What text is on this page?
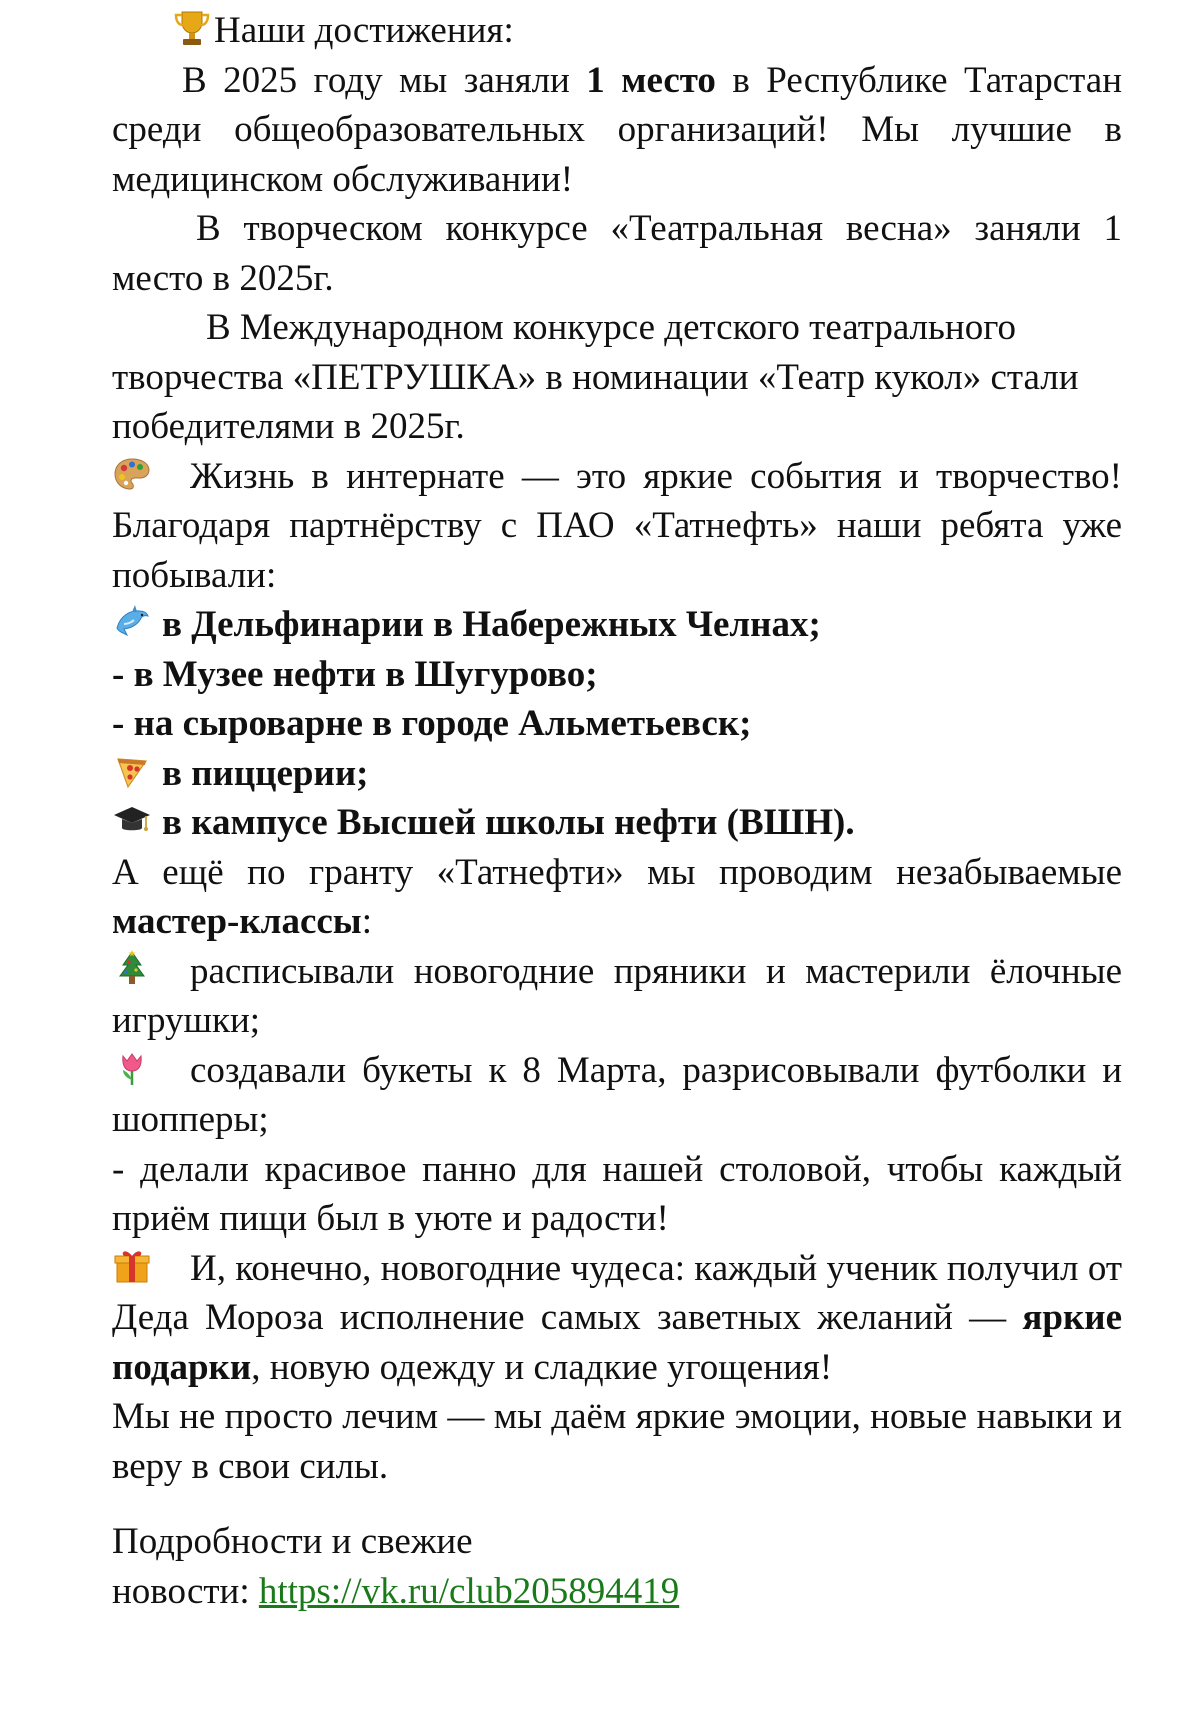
Наши достижения:

В 2025 году мы заняли 1 место в Республике Татарстан среди общеобразовательных организаций! Мы лучшие в медицинском обслуживании!

В творческом конкурсе «Театральная весна» заняли 1 место в 2025г.

В Международном конкурсе детского театрального творчества «ПЕТРУШКА» в номинации «Театр кукол» стали победителями в 2025г.

Жизнь в интернате — это яркие события и творчество! Благодаря партнёрству с ПАО «Татнефть» наши ребята уже побывали:

в Дельфинарии в Набережных Челнах;

- в Музее нефти в Шугурово;

- на сыроварне в городе Альметьевск;

в пиццерии;

в кампусе Высшей школы нефти (ВШН).

А ещё по гранту «Татнефти» мы проводим незабываемые мастер-классы:

расписывали новогодние пряники и мастерили ёлочные игрушки;

создавали букеты к 8 Марта, разрисовывали футболки и шопперы;

- делали красивое панно для нашей столовой, чтобы каждый приём пищи был в уюте и радости!

И, конечно, новогодние чудеса: каждый ученик получил от Деда Мороза исполнение самых заветных желаний — яркие подарки, новую одежду и сладкие угощения!

Мы не просто лечим — мы даём яркие эмоции, новые навыки и веру в свои силы.

Подробности и свежие
новости: https://vk.ru/club205894419
